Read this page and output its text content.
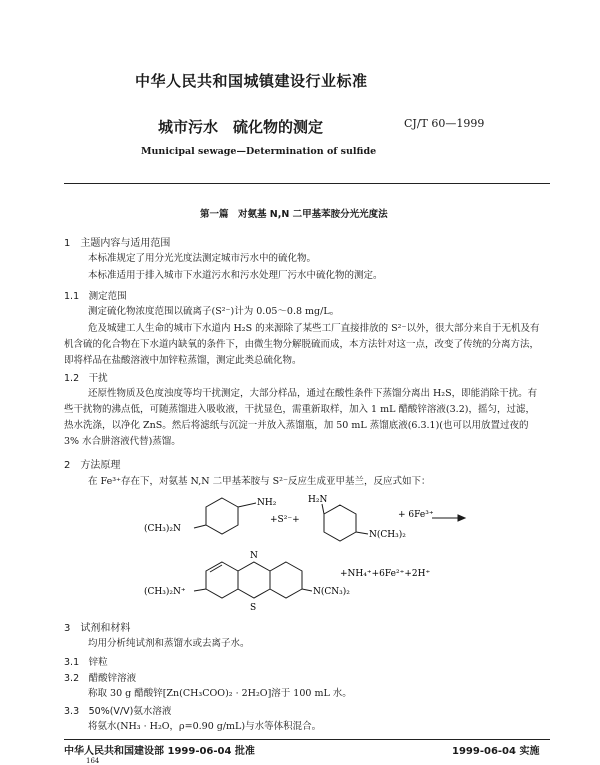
中华人民共和国城镇建设行业标准
城市污水　硫化物的测定	CJ/T 60—1999
Municipal sewage—Determination of sulfide
第一篇　对氨基 N,N 二甲基苯胺分光光度法
1　主题内容与适用范围
本标准规定了用分光光度法测定城市污水中的硫化物。
本标准适用于排入城市下水道污水和污水处理厂污水中硫化物的测定。
1.1　测定范围
测定硫化物浓度范围以硫离子(S²⁻)计为 0.05～0.8 mg/L。
危及城建工人生命的城市下水道内 H₂S 的来源除了某些工厂直接排放的 S²⁻以外，很大部分来自于无机及有机含硫的化合物在下水道内缺氧的条件下，由微生物分解脱硫而成，本方法针对这一点，改变了传统的分离方法，即将样品在盐酸溶液中加锌粒蒸馏，测定此类总硫化物。
1.2　干扰
还原性物质及色度浊度等均干扰测定，大部分样品，通过在酸性条件下蒸馏分离出 H₂S，即能消除干扰。有些干扰物的沸点低，可随蒸馏进入吸收液，干扰显色，需重新取样，加入 1 mL 醋酸锌溶液(3.2)，摇匀，过滤，热水洗涤，以净化 ZnS。然后将滤纸与沉淀一并放入蒸馏瓶，加 50 mL 蒸馏底液(6.3.1)(也可以用放置过夜的 3% 水合肼溶液代替)蒸馏。
2　方法原理
在 Fe³⁺存在下，对氨基 N,N 二甲基苯胺与 S²⁻反应生成亚甲基兰，反应式如下：
NH₂
(CH₃)₂N
+S²⁻+
H₂N
N(CH₃)₂
+ 6Fe³⁺
N
S
(CH₃)₂N⁺	N(CN₃)₂
+NH₄⁺+6Fe²⁺+2H⁺
3　试剂和材料
均用分析纯试剂和蒸馏水或去离子水。
3.1　锌粒
3.2　醋酸锌溶液
称取 30 g 醋酸锌[Zn(CH₃COO)₂ · 2H₂O]溶于 100 mL 水。
3.3　50%(V/V)氨水溶液
将氨水(NH₃ · H₂O，ρ=0.90 g/mL)与水等体积混合。
中华人民共和国建设部 1999-06-04 批准	1999-06-04 实施
164
